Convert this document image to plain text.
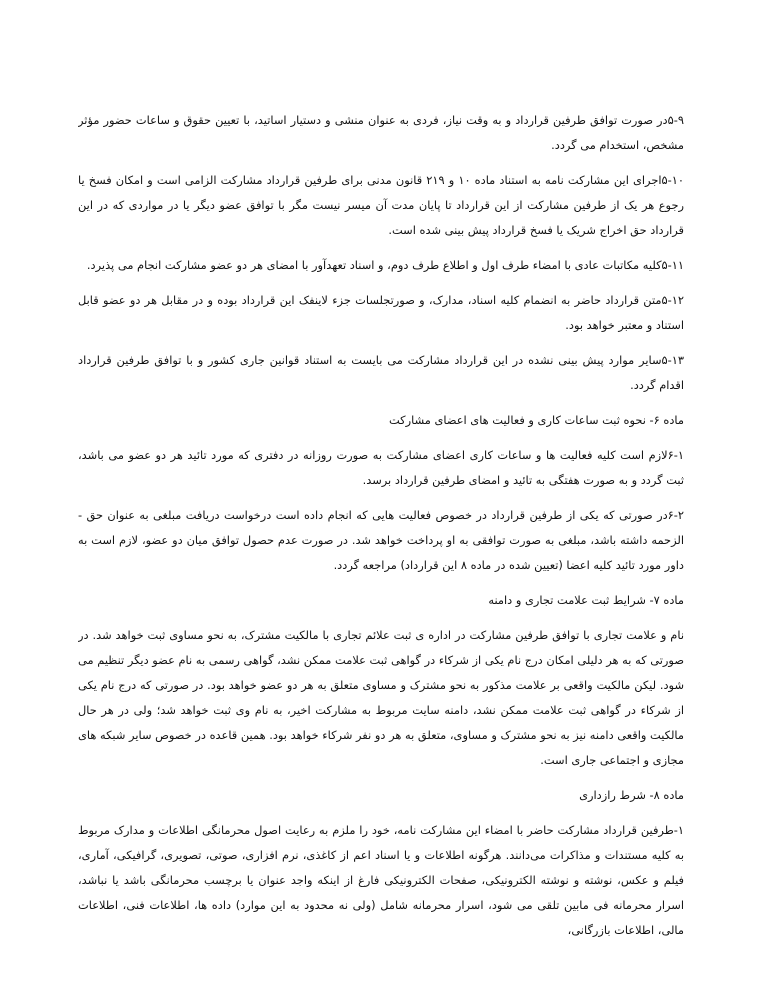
۵-۹در صورت توافق طرفین قرارداد و به وقت نیاز، فردی به عنوان منشی و دستیار اساتید، با تعیین حقوق و ساعات حضور مؤثر مشخص، استخدام می گردد.

۵-۱۰اجرای این مشارکت نامه به استناد ماده ۱۰ و ۲۱۹ قانون مدنی برای طرفین قرارداد مشارکت الزامی است و امکان فسخ یا رجوع هر یک از طرفین مشارکت از این قرارداد تا پایان مدت آن میسر نیست مگر با توافق عضو دیگر یا در مواردی که در این قرارداد حق اخراج شریک یا فسخ قرارداد پیش بینی شده است.

۵-۱۱کلیه مکاتبات عادی با امضاء طرف اول و اطلاع طرف دوم، و اسناد تعهدآور با امضای هر دو عضو مشارکت انجام می پذیرد.

۵-۱۲متن قرارداد حاضر به انضمام کلیه اسناد، مدارک، و صورتجلسات جزء لاینفک این قرارداد بوده و در مقابل هر دو عضو قابل استناد و معتبر خواهد بود.

۵-۱۳سایر موارد پیش بینی نشده در این قرارداد مشارکت می بایست به استناد قوانین جاری کشور و با توافق طرفین قرارداد اقدام گردد.

ماده ۶- نحوه ثبت ساعات کاری و فعالیت های اعضای مشارکت

۶-۱لازم است کلیه فعالیت ها و ساعات کاری اعضای مشارکت به صورت روزانه در دفتری که مورد تائید هر دو عضو می باشد، ثبت گردد و به صورت هفتگی به تائید و امضای طرفین قرارداد برسد.

۶-۲در صورتی که یکی از طرفین قرارداد در خصوص فعالیت هایی که انجام داده است درخواست دریافت مبلغی به عنوان حق - الزحمه داشته باشد، مبلغی به صورت توافقی به او پرداخت خواهد شد. در صورت عدم حصول توافق میان دو عضو، لازم است به داور مورد تائید کلیه اعضا (تعیین شده در ماده ۸ این قرارداد) مراجعه گردد.

ماده ۷- شرایط ثبت علامت تجاری و دامنه

نام و علامت تجاری با توافق طرفین مشارکت در اداره ی ثبت علائم تجاری با مالکیت مشترک، به نحو مساوی ثبت خواهد شد. در صورتی که به هر دلیلی امکان درج نام یکی از شرکاء در گواهی ثبت علامت ممکن نشد، گواهی رسمی به نام عضو دیگر تنظیم می شود. لیکن مالکیت واقعی بر علامت مذکور به نحو مشترک و مساوی متعلق به هر دو عضو خواهد بود. در صورتی که درج نام یکی از شرکاء در گواهی ثبت علامت ممکن نشد، دامنه سایت مربوط به مشارکت اخیر، به نام وی ثبت خواهد شد؛ ولی در هر حال مالکیت واقعی دامنه نیز به نحو مشترک و مساوی، متعلق به هر دو نفر شرکاء خواهد بود. همین قاعده در خصوص سایر شبکه های مجازی و اجتماعی جاری است.

ماده ۸- شرط رازداری

۱-طرفین قرارداد مشارکت حاضر با امضاء این مشارکت نامه، خود را ملزم به رعایت اصول محرمانگی اطلاعات و مدارک مربوط به کلیه مستندات و مذاکرات می‌دانند. هرگونه اطلاعات و یا اسناد اعم از کاغذی، نرم افزاری، صوتی، تصویری، گرافیکی، آماری، فیلم و عکس، نوشته و نوشته الکترونیکی، صفحات الکترونیکی فارغ از اینکه واجد عنوان یا برچسب محرمانگی باشد یا نباشد، اسرار محرمانه فی مابین تلقی می شود، اسرار محرمانه شامل (ولی نه محدود به این موارد) داده ها، اطلاعات فنی، اطلاعات مالی، اطلاعات بازرگانی،
